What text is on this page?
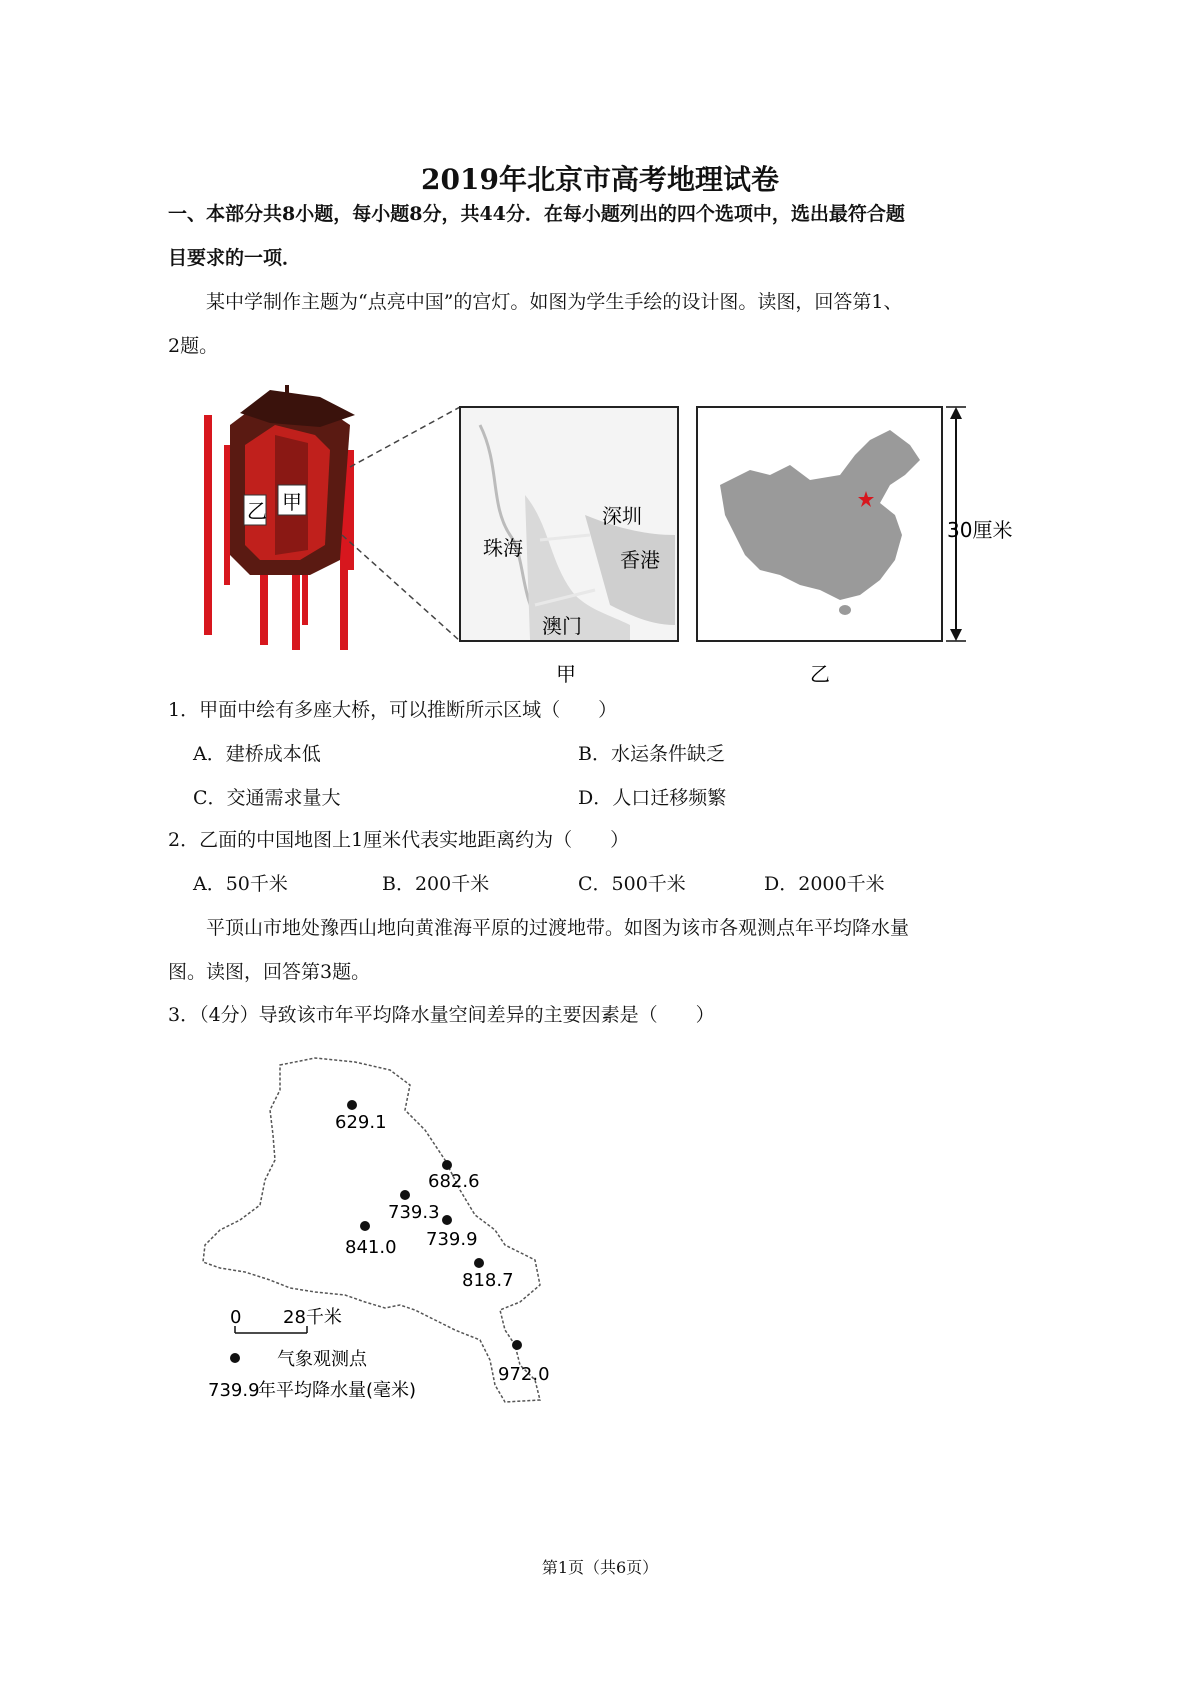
2019年北京市高考地理试卷
一、本部分共8小题，每小题8分，共44分．在每小题列出的四个选项中，选出最符合题
目要求的一项．
某中学制作主题为“点亮中国”的宫灯。如图为学生手绘的设计图。读图，回答第1、
2题。
乙 甲
深圳
珠海	香港
澳门
甲
30厘米
乙
1．甲面中绘有多座大桥，可以推断所示区域（　　）
A．建桥成本低	B．水运条件缺乏
C．交通需求量大	D．人口迁移频繁
2．乙面的中国地图上1厘米代表实地距离约为（　　）
A．50千米	B．200千米	C．500千米	D．2000千米
平顶山市地处豫西山地向黄淮海平原的过渡地带。如图为该市各观测点年平均降水量
图。读图，回答第3题。
3．（4分）导致该市年平均降水量空间差异的主要因素是（　　）
629.1
682.6
739.3
739.9
841.0
818.7
972.0
0 28千米
气象观测点
739.9
年平均降水量(毫米)
第1页（共6页）
